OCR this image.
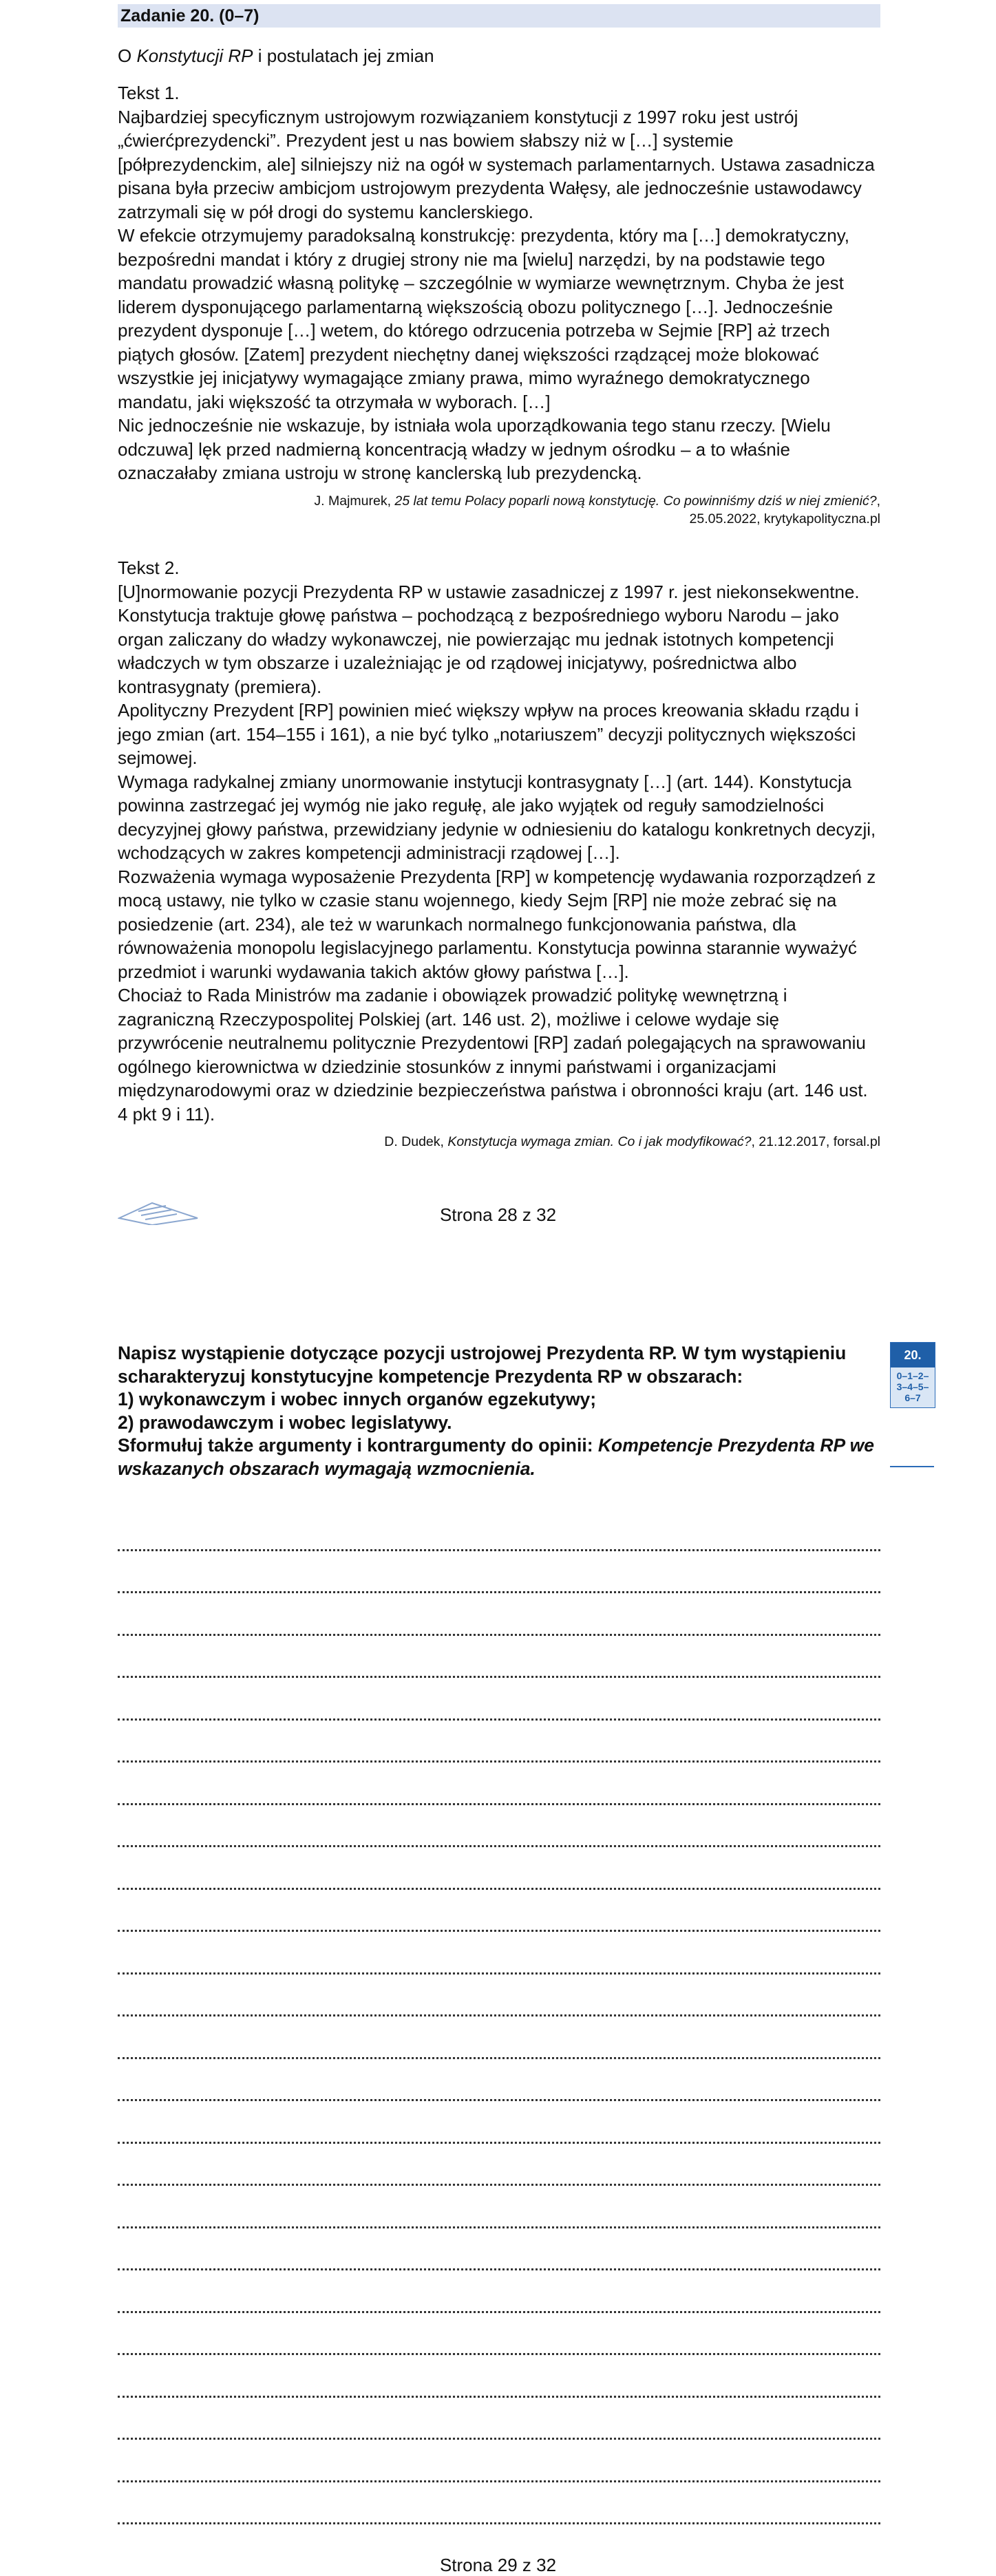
Zadanie 20. (0–7)
O Konstytucji RP i postulatach jej zmian

Tekst 1.

Najbardziej specyficznym ustrojowym rozwiązaniem konstytucji z 1997 roku jest ustrój „ćwierćprezydencki”. Prezydent jest u nas bowiem słabszy niż w […] systemie [półprezydenckim, ale] silniejszy niż na ogół w systemach parlamentarnych. Ustawa zasadnicza pisana była przeciw ambicjom ustrojowym prezydenta Wałęsy, ale jednocześnie ustawodawcy zatrzymali się w pół drogi do systemu kanclerskiego.

W efekcie otrzymujemy paradoksalną konstrukcję: prezydenta, który ma […] demokratyczny, bezpośredni mandat i który z drugiej strony nie ma [wielu] narzędzi, by na podstawie tego mandatu prowadzić własną politykę – szczególnie w wymiarze wewnętrznym. Chyba że jest liderem dysponującego parlamentarną większością obozu politycznego […]. Jednocześnie prezydent dysponuje […] wetem, do którego odrzucenia potrzeba w Sejmie [RP] aż trzech piątych głosów. [Zatem] prezydent niechętny danej większości rządzącej może blokować wszystkie jej inicjatywy wymagające zmiany prawa, mimo wyraźnego demokratycznego mandatu, jaki większość ta otrzymała w wyborach. […]

Nic jednocześnie nie wskazuje, by istniała wola uporządkowania tego stanu rzeczy. [Wielu odczuwa] lęk przed nadmierną koncentracją władzy w jednym ośrodku – a to właśnie oznaczałaby zmiana ustroju w stronę kanclerską lub prezydencką.

J. Majmurek, 25 lat temu Polacy poparli nową konstytucję. Co powinniśmy dziś w niej zmienić?,
25.05.2022, krytykapolityczna.pl

Tekst 2.

[U]normowanie pozycji Prezydenta RP w ustawie zasadniczej z 1997 r. jest niekonsekwentne. Konstytucja traktuje głowę państwa – pochodzącą z bezpośredniego wyboru Narodu – jako organ zaliczany do władzy wykonawczej, nie powierzając mu jednak istotnych kompetencji władczych w tym obszarze i uzależniając je od rządowej inicjatywy, pośrednictwa albo kontrasygnaty (premiera).

Apolityczny Prezydent [RP] powinien mieć większy wpływ na proces kreowania składu rządu i jego zmian (art. 154–155 i 161), a nie być tylko „notariuszem” decyzji politycznych większości sejmowej.

Wymaga radykalnej zmiany unormowanie instytucji kontrasygnaty […] (art. 144). Konstytucja powinna zastrzegać jej wymóg nie jako regułę, ale jako wyjątek od reguły samodzielności decyzyjnej głowy państwa, przewidziany jedynie w odniesieniu do katalogu konkretnych decyzji, wchodzących w zakres kompetencji administracji rządowej […].

Rozważenia wymaga wyposażenie Prezydenta [RP] w kompetencję wydawania rozporządzeń z mocą ustawy, nie tylko w czasie stanu wojennego, kiedy Sejm [RP] nie może zebrać się na posiedzenie (art. 234), ale też w warunkach normalnego funkcjonowania państwa, dla równoważenia monopolu legislacyjnego parlamentu. Konstytucja powinna starannie wyważyć przedmiot i warunki wydawania takich aktów głowy państwa […].

Chociaż to Rada Ministrów ma zadanie i obowiązek prowadzić politykę wewnętrzną i zagraniczną Rzeczypospolitej Polskiej (art. 146 ust. 2), możliwe i celowe wydaje się przywrócenie neutralnemu politycznie Prezydentowi [RP] zadań polegających na sprawowaniu ogólnego kierownictwa w dziedzinie stosunków z innymi państwami i organizacjami międzynarodowymi oraz w dziedzinie bezpieczeństwa państwa i obronności kraju (art. 146 ust. 4 pkt 9 i 11).

D. Dudek, Konstytucja wymaga zmian. Co i jak modyfikować?, 21.12.2017, forsal.pl
Strona 28 z 32

Napisz wystąpienie dotyczące pozycji ustrojowej Prezydenta RP. W tym wystąpieniu scharakteryzuj konstytucyjne kompetencje Prezydenta RP w obszarach:

1) wykonawczym i wobec innych organów egzekutywy;

2) prawodawczym i wobec legislatywy.

Sformułuj także argumenty i kontrargumenty do opinii: Kompetencje Prezydenta RP we wskazanych obszarach wymagają wzmocnienia.

20.
0–1–2–
3–4–5–
6–7
Strona 29 z 32
